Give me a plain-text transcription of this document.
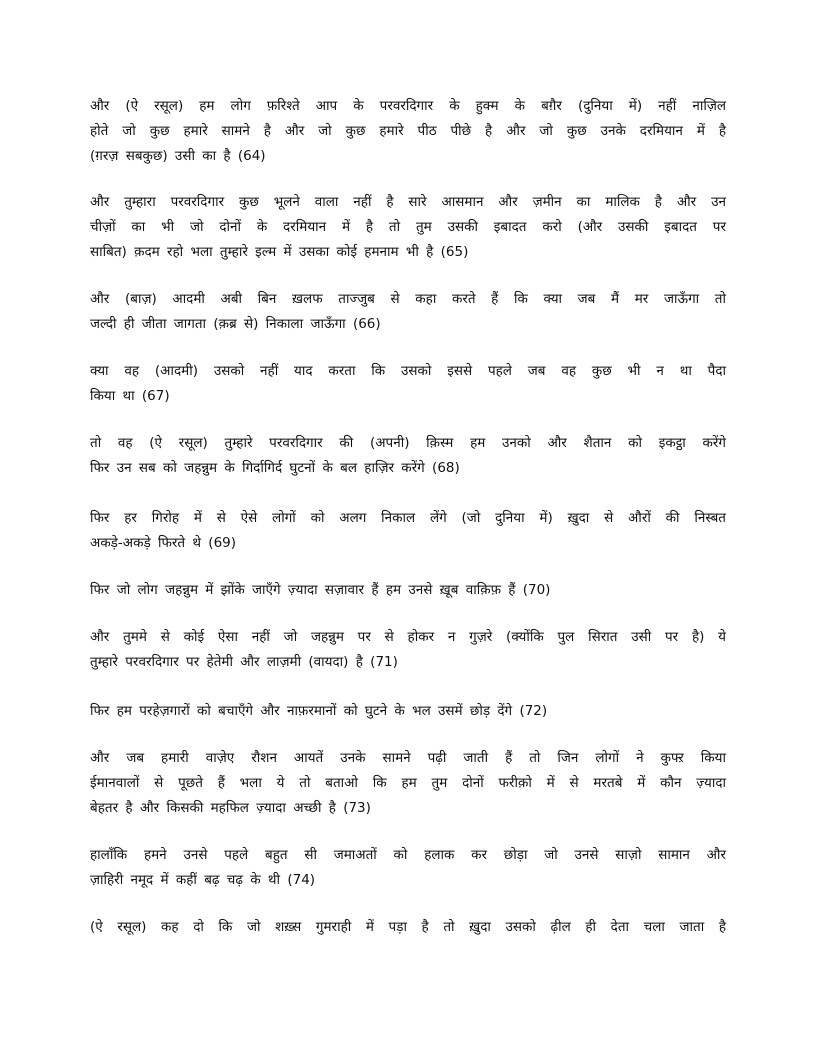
और (ऐ रसूल) हम लोग फ़रिश्ते आप के परवरदिगार के हुक्म के बग़ैर (दुनिया में) नहीं नाज़िल
होते जो कुछ हमारे सामने है और जो कुछ हमारे पीठ पीछे है और जो कुछ उनके दरमियान में है
(ग़रज़ सबकुछ) उसी का है (64)

और तुम्हारा परवरदिगार कुछ भूलने वाला नहीं है सारे आसमान और ज़मीन का मालिक है और उन
चीज़ों का भी जो दोनों के दरमियान में है तो तुम उसकी इबादत करो (और उसकी इबादत पर
साबित) क़दम रहो भला तुम्हारे इल्म में उसका कोई हमनाम भी है (65)

और (बाज़) आदमी अबी बिन ख़लफ ताज्जुब से कहा करते हैं कि क्या जब मैं मर जाऊँगा तो
जल्दी ही जीता जागता (क़ब्र से) निकाला जाऊँगा (66)

क्या वह (आदमी) उसको नहीं याद करता कि उसको इससे पहले जब वह कुछ भी न था पैदा
किया था (67)

तो वह (ऐ रसूल) तुम्हारे परवरदिगार की (अपनी) क़िस्म हम उनको और शैतान को इकट्ठा करेंगे
फिर उन सब को जहन्नुम के गिर्दागिर्द घुटनों के बल हाज़िर करेंगे (68)

फिर हर गिरोह में से ऐसे लोगों को अलग निकाल लेंगे (जो दुनिया में) ख़ुदा से औरों की निस्बत
अकड़े-अकड़े फिरते थे (69)

फिर जो लोग जहन्नुम में झोंके जाएँगे ज़्यादा सज़ावार हैं हम उनसे ख़ूब वाक़िफ़ हैं (70)

और तुममे से कोई ऐसा नहीं जो जहन्नुम पर से होकर न गुज़रे (क्योंकि पुल सिरात उसी पर है) ये
तुम्हारे परवरदिगार पर हेतेमी और लाज़मी (वायदा) है (71)

फिर हम परहेज़गारों को बचाएँगे और नाफ़रमानों को घुटने के भल उसमें छोड़ देंगे (72)

और जब हमारी वाज़ेए रौशन आयतें उनके सामने पढ़ी जाती हैं तो जिन लोगों ने कुफ्ऱ किया
ईमानवालों से पूछते हैं भला ये तो बताओ कि हम तुम दोनों फरीक़ो में से मरतबे में कौन ज़्यादा
बेहतर है और किसकी महफिल ज़्यादा अच्छी है (73)

हालाँकि हमने उनसे पहले बहुत सी जमाअतों को हलाक कर छोड़ा जो उनसे साज़ो सामान और
ज़ाहिरी नमूद में कहीं बढ़ चढ़ के थी (74)

(ऐ रसूल) कह दो कि जो शख़्स गुमराही में पड़ा है तो ख़ुदा उसको ढ़ील ही देता चला जाता है
